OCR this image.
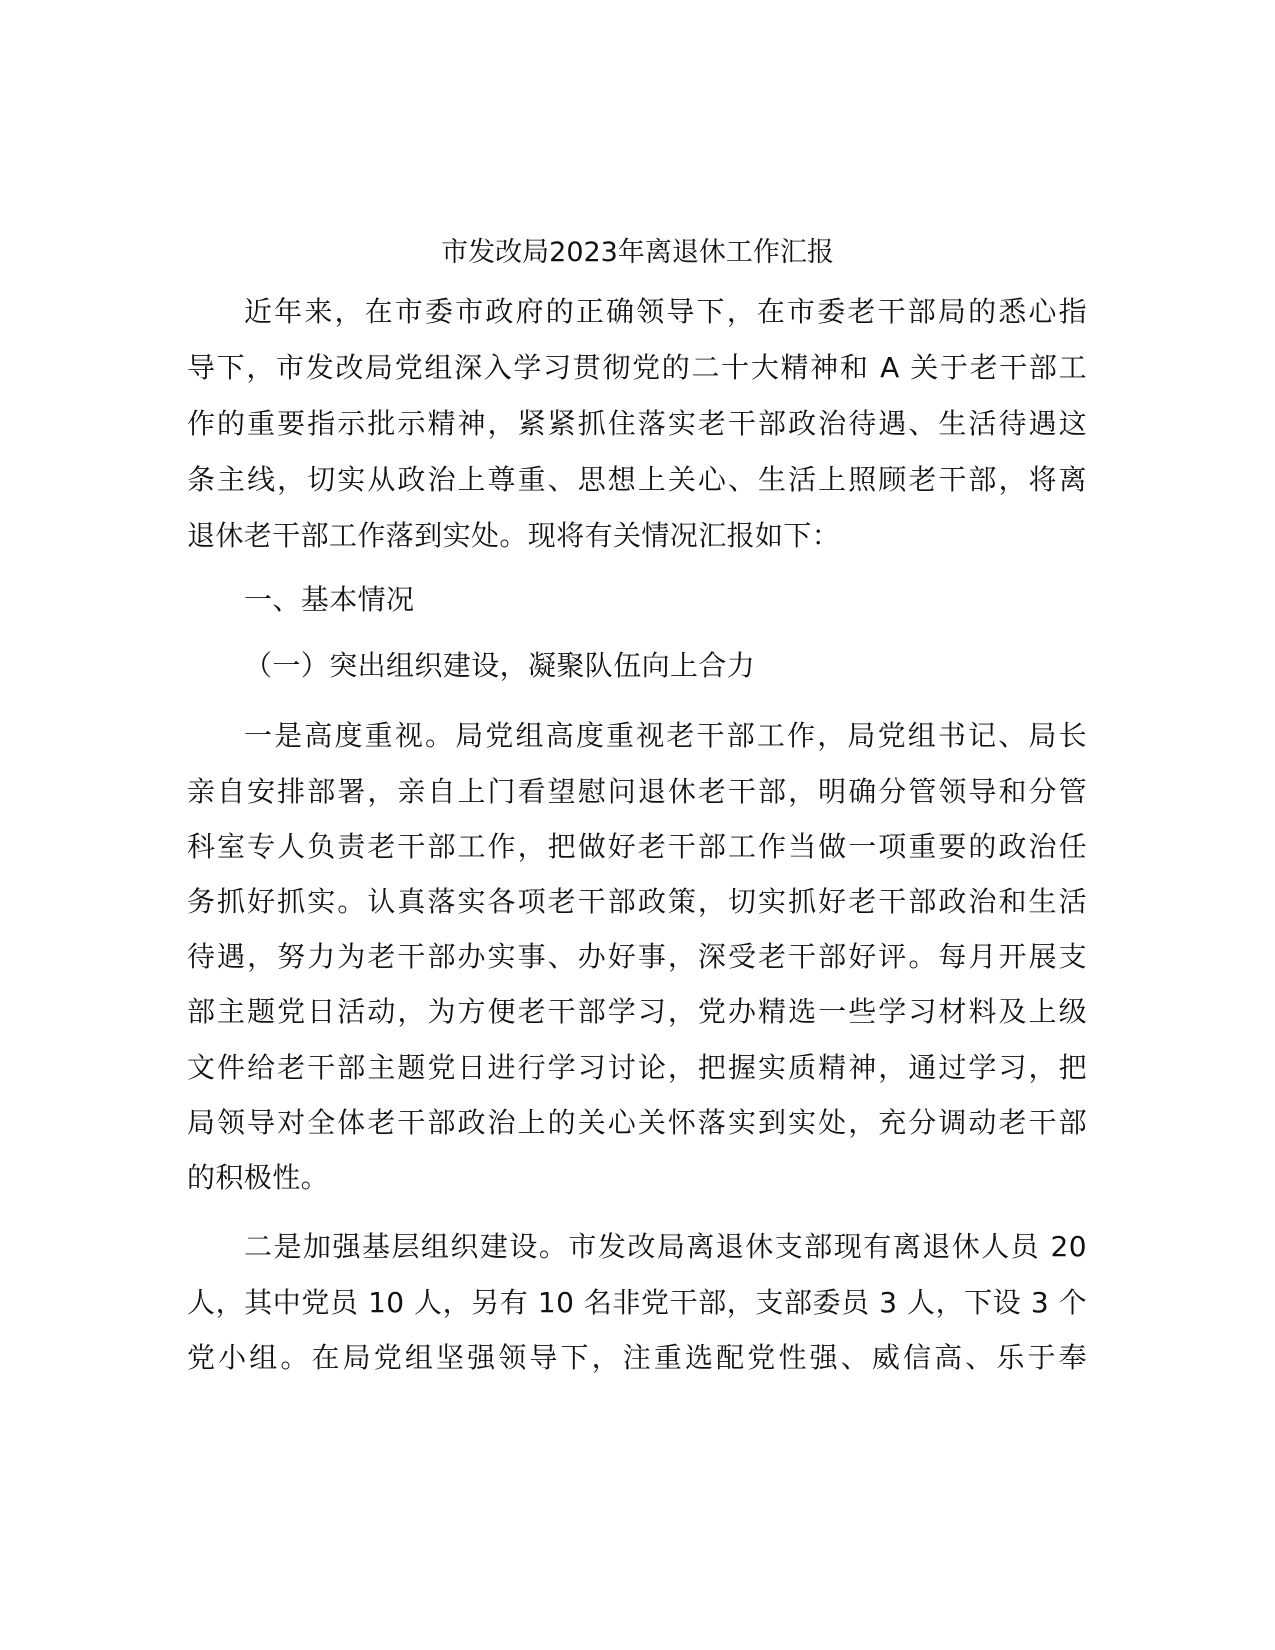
市发改局2023年离退休工作汇报
近年来，在市委市政府的正确领导下，在市委老干部局的悉心指
导下，市发改局党组深入学习贯彻党的二十大精神和 A 关于老干部工
作的重要指示批示精神，紧紧抓住落实老干部政治待遇、生活待遇这
条主线，切实从政治上尊重、思想上关心、生活上照顾老干部，将离
退休老干部工作落到实处。现将有关情况汇报如下：
一、基本情况
（一）突出组织建设，凝聚队伍向上合力
一是高度重视。局党组高度重视老干部工作，局党组书记、局长
亲自安排部署，亲自上门看望慰问退休老干部，明确分管领导和分管
科室专人负责老干部工作，把做好老干部工作当做一项重要的政治任
务抓好抓实。认真落实各项老干部政策，切实抓好老干部政治和生活
待遇，努力为老干部办实事、办好事，深受老干部好评。每月开展支
部主题党日活动，为方便老干部学习，党办精选一些学习材料及上级
文件给老干部主题党日进行学习讨论，把握实质精神，通过学习，把
局领导对全体老干部政治上的关心关怀落实到实处，充分调动老干部
的积极性。
二是加强基层组织建设。市发改局离退休支部现有离退休人员 20
人，其中党员 10 人，另有 10 名非党干部，支部委员 3 人，下设 3 个
党小组。在局党组坚强领导下，注重选配党性强、威信高、乐于奉
